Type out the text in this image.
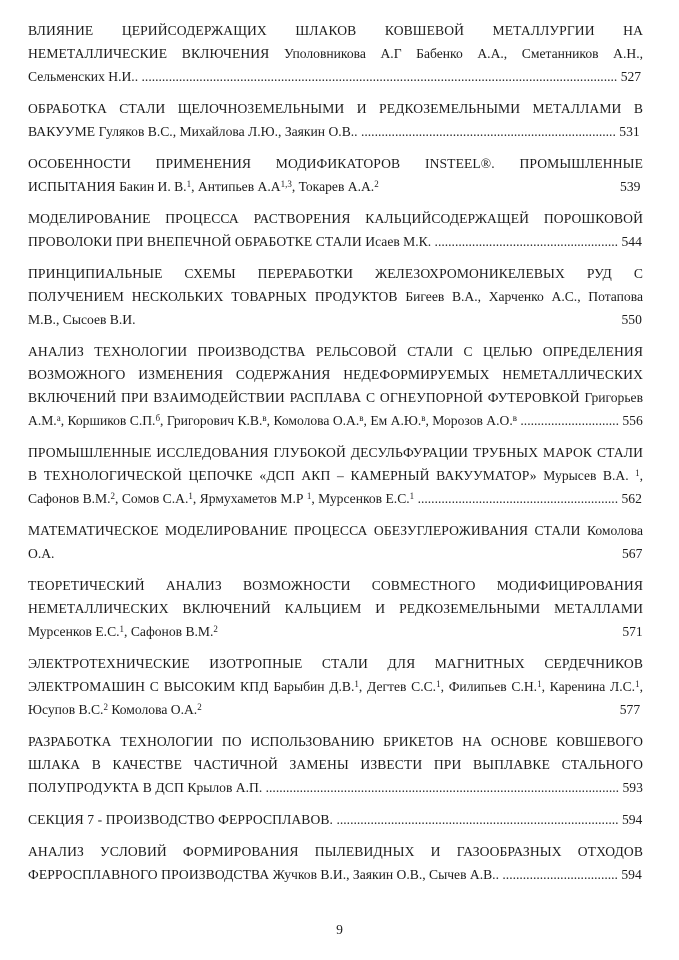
ВЛИЯНИЕ ЦЕРИЙСОДЕРЖАЩИХ ШЛАКОВ КОВШЕВОЙ МЕТАЛЛУРГИИ НА НЕМЕТАЛЛИЧЕСКИЕ ВКЛЮЧЕНИЯ Уполовникова А.Г Бабенко А.А., Сметанников А.Н., Сельменских Н.И.. ............................................................................................................................................ 527

ОБРАБОТКА СТАЛИ ЩЕЛОЧНОЗЕМЕЛЬНЫМИ И РЕДКОЗЕМЕЛЬНЫМИ МЕТАЛЛАМИ В ВАКУУМЕ Гуляков В.С., Михайлова Л.Ю., Заякин О.В.. ........................................................................... 531

ОСОБЕННОСТИ ПРИМЕНЕНИЯ МОДИФИКАТОРОВ INSTEEL®. ПРОМЫШЛЕННЫЕ ИСПЫТАНИЯ Бакин И. В.$^1$, Антипьев $А.А^{1,3}$, Токарев А.А.$^2$	539

МОДЕЛИРОВАНИЕ ПРОЦЕССА РАСТВОРЕНИЯ КАЛЬЦИЙСОДЕРЖАЩЕЙ ПОРОШКОВОЙ ПРОВОЛОКИ ПРИ ВНЕПЕЧНОЙ ОБРАБОТКЕ СТАЛИ Исаев М.К. ...................................................... 544

ПРИНЦИПИАЛЬНЫЕ СХЕМЫ ПЕРЕРАБОТКИ ЖЕЛЕЗОХРОМОНИКЕЛЕВЫХ РУД С ПОЛУЧЕНИЕМ НЕСКОЛЬКИХ ТОВАРНЫХ ПРОДУКТОВ Бигеев В.А., Харченко А.С., Потапова М.В., Сысоев В.И.	550

АНАЛИЗ ТЕХНОЛОГИИ ПРОИЗВОДСТВА РЕЛЬСОВОЙ СТАЛИ С ЦЕЛЬЮ ОПРЕДЕЛЕНИЯ ВОЗМОЖНОГО ИЗМЕНЕНИЯ СОДЕРЖАНИЯ НЕДЕФОРМИРУЕМЫХ НЕМЕТАЛЛИЧЕСКИХ ВКЛЮЧЕНИЙ ПРИ ВЗАИМОДЕЙСТВИИ РАСПЛАВА С ОГНЕУПОРНОЙ ФУТЕРОВКОЙ Григорьев А.М.$^а$, Коршиков С.П.$^б$, Григорович К.В.$^в$, Комолова О.А.$^в$, Ем А.Ю.$^в$, Морозов А.О.$^в$ ............................. 556

ПРОМЫШЛЕННЫЕ ИССЛЕДОВАНИЯ ГЛУБОКОЙ ДЕСУЛЬФУРАЦИИ ТРУБНЫХ МАРОК СТАЛИ В ТЕХНОЛОГИЧЕСКОЙ ЦЕПОЧКЕ «ДСП АКП – КАМЕРНЫЙ ВАКУУМАТОР» Мурысев В.А. $^1$, Сафонов В.М.$^2$, Сомов С.А.$^1$, Ярмухаметов М.Р $^1$, Мурсенков Е.С.$^1$ ........................................................... 562

МАТЕМАТИЧЕСКОЕ МОДЕЛИРОВАНИЕ ПРОЦЕССА ОБЕЗУГЛЕРОЖИВАНИЯ СТАЛИ Комолова О.А.	567

ТЕОРЕТИЧЕСКИЙ АНАЛИЗ ВОЗМОЖНОСТИ СОВМЕСТНОГО МОДИФИЦИРОВАНИЯ НЕМЕТАЛЛИЧЕСКИХ ВКЛЮЧЕНИЙ КАЛЬЦИЕМ И РЕДКОЗЕМЕЛЬНЫМИ МЕТАЛЛАМИ Мурсенков Е.С.$^1$, Сафонов В.М.$^2$	571

ЭЛЕКТРОТЕХНИЧЕСКИЕ ИЗОТРОПНЫЕ СТАЛИ ДЛЯ МАГНИТНЫХ СЕРДЕЧНИКОВ ЭЛЕКТРОМАШИН С ВЫСОКИМ КПД Барыбин Д.В.$^1$, Дегтев С.С.$^1$, Филипьев С.Н.$^1$, Каренина Л.С.$^1$, Юсупов В.С.$^2$ Комолова О.А.$^2$	577

РАЗРАБОТКА ТЕХНОЛОГИИ ПО ИСПОЛЬЗОВАНИЮ БРИКЕТОВ НА ОСНОВЕ КОВШЕВОГО ШЛАКА В КАЧЕСТВЕ ЧАСТИЧНОЙ ЗАМЕНЫ ИЗВЕСТИ ПРИ ВЫПЛАВКЕ СТАЛЬНОГО ПОЛУПРОДУКТА В ДСП Крылов А.П. ........................................................................................................ 593

СЕКЦИЯ 7 - ПРОИЗВОДСТВО ФЕРРОСПЛАВОВ. ................................................................................... 594

АНАЛИЗ УСЛОВИЙ ФОРМИРОВАНИЯ ПЫЛЕВИДНЫХ И ГАЗООБРАЗНЫХ ОТХОДОВ ФЕРРОСПЛАВНОГО ПРОИЗВОДСТВА Жучков В.И., Заякин О.В., Сычев А.В.. .................................. 594

9
